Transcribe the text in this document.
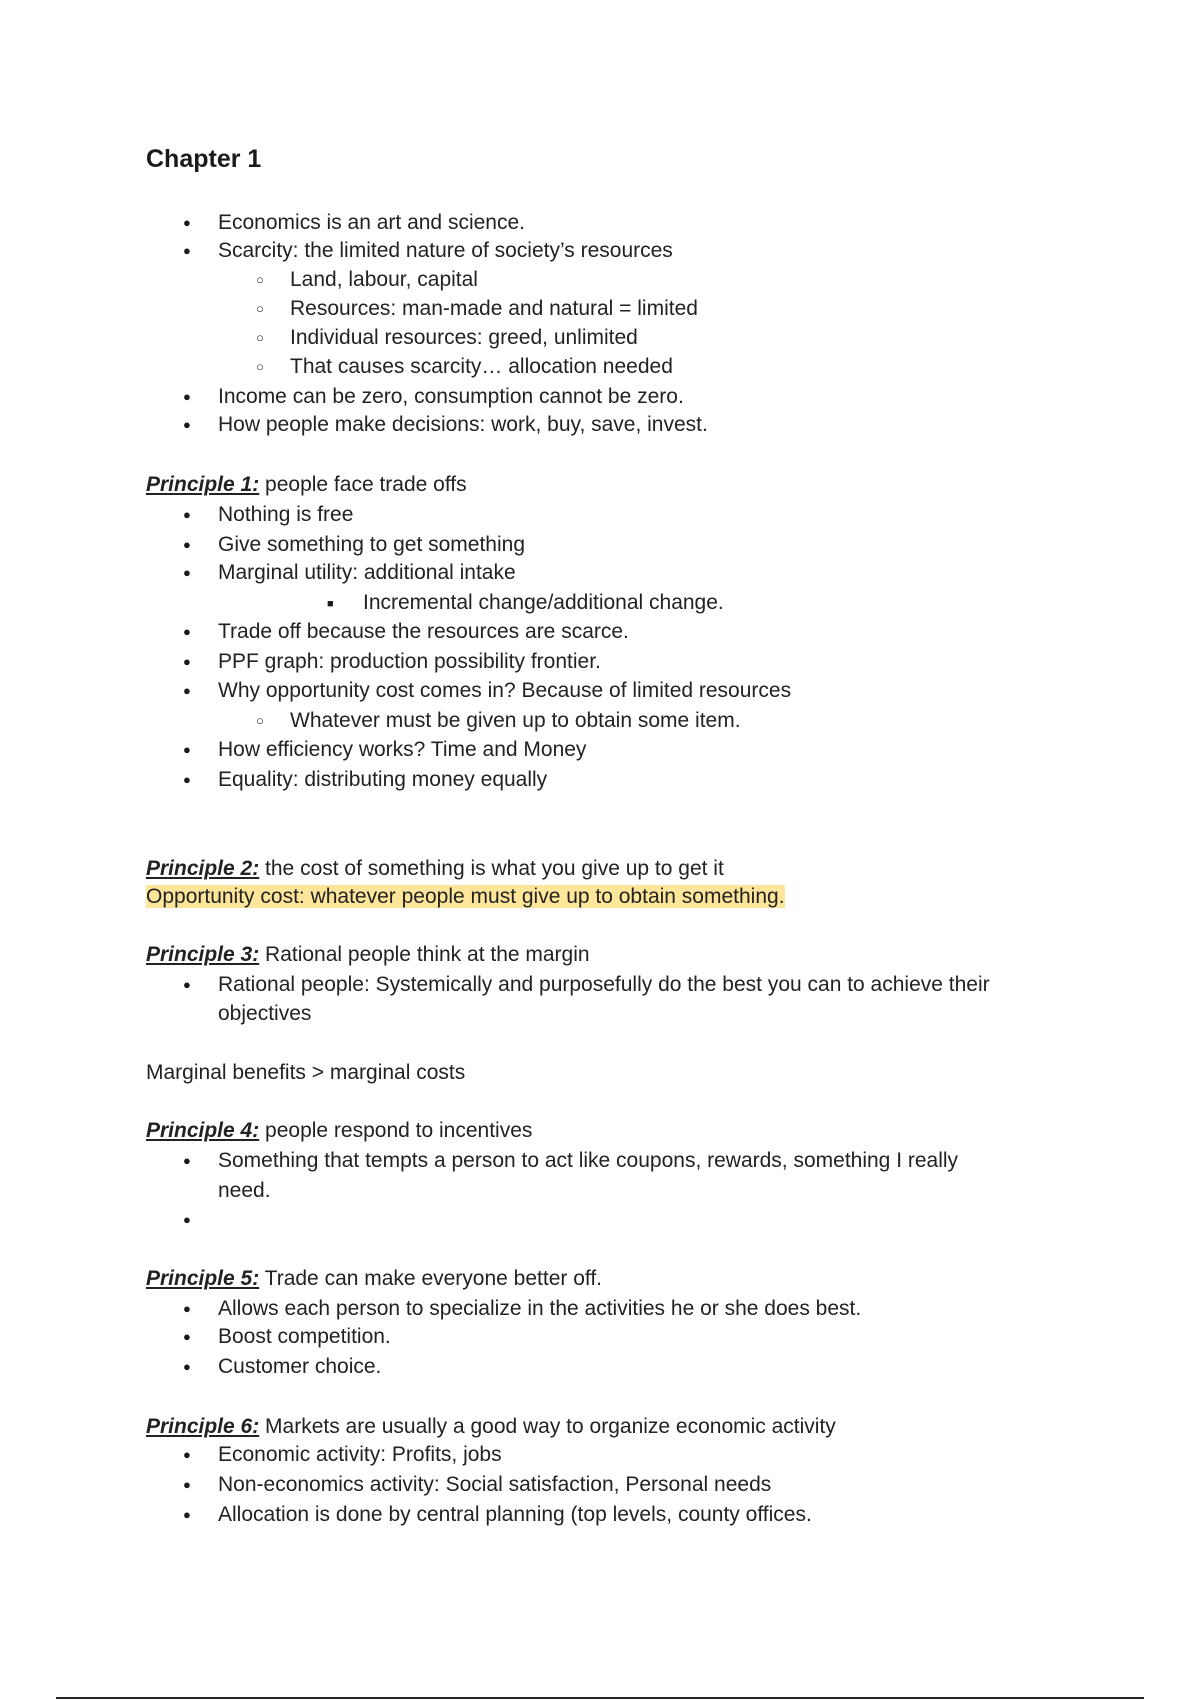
Chapter 1
●
Economics is an art and science.
●
Scarcity: the limited nature of society’s resources
○
Land, labour, capital
○
Resources: man-made and natural = limited
○
Individual resources: greed, unlimited
○
That causes scarcity… allocation needed
●
Income can be zero, consumption cannot be zero.
●
How people make decisions: work, buy, save, invest.
Principle 1: people face trade offs
●
Nothing is free
●
Give something to get something
●
Marginal utility: additional intake
■
Incremental change/additional change.
●
Trade off because the resources are scarce.
●
PPF graph: production possibility frontier.
●
Why opportunity cost comes in? Because of limited resources
○
Whatever must be given up to obtain some item.
●
How efficiency works? Time and Money
●
Equality: distributing money equally
Principle 2: the cost of something is what you give up to get it
Opportunity cost: whatever people must give up to obtain something.
Principle 3: Rational people think at the margin
●
Rational people: Systemically and purposefully do the best you can to achieve their
objectives
Marginal benefits > marginal costs
Principle 4: people respond to incentives
●
Something that tempts a person to act like coupons, rewards, something I really
need.
●
Principle 5: Trade can make everyone better off.
●
Allows each person to specialize in the activities he or she does best.
●
Boost competition.
●
Customer choice.
Principle 6: Markets are usually a good way to organize economic activity
●
Economic activity: Profits, jobs
●
Non-economics activity: Social satisfaction, Personal needs
●
Allocation is done by central planning (top levels, county offices.
